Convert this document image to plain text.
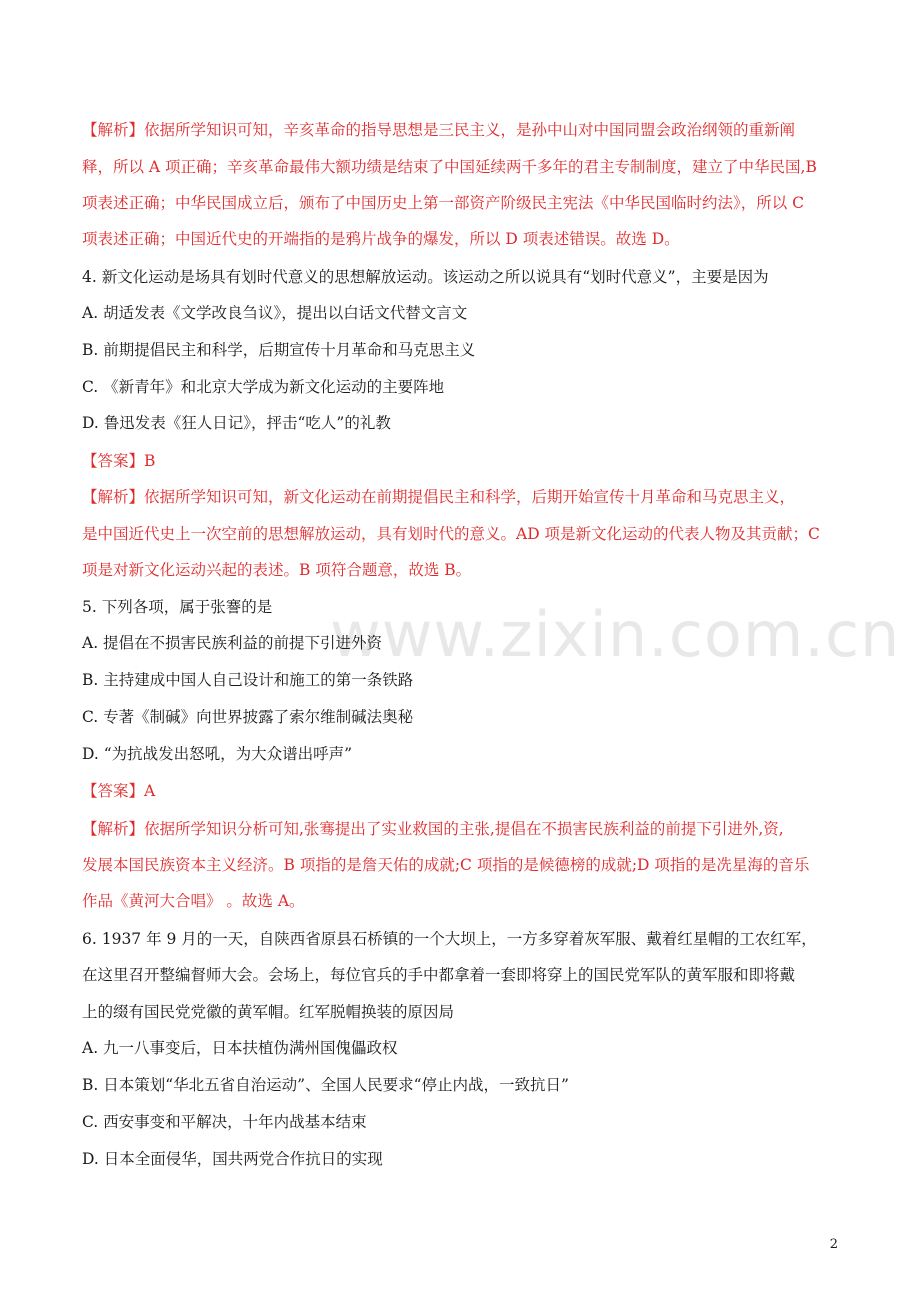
www.zixin.com.cn
【解析】依据所学知识可知，辛亥革命的指导思想是三民主义，是孙中山对中国同盟会政治纲领的重新阐
释，所以 A 项正确；辛亥革命最伟大额功绩是结束了中国延续两千多年的君主专制制度，建立了中华民国,B
项表述正确；中华民国成立后，颁布了中国历史上第一部资产阶级民主宪法《中华民国临时约法》，所以 C
项表述正确；中国近代史的开端指的是鸦片战争的爆发，所以 D 项表述错误。故选 D。
4. 新文化运动是场具有划时代意义的思想解放运动。该运动之所以说具有“划时代意义”，主要是因为
A. 胡适发表《文学改良刍议》，提出以白话文代替文言文
B. 前期提倡民主和科学，后期宣传十月革命和马克思主义
C. 《新青年》和北京大学成为新文化运动的主要阵地
D. 鲁迅发表《狂人日记》，抨击“吃人”的礼教
【答案】B
【解析】依据所学知识可知，新文化运动在前期提倡民主和科学，后期开始宣传十月革命和马克思主义，
是中国近代史上一次空前的思想解放运动，具有划时代的意义。AD 项是新文化运动的代表人物及其贡献；C
项是对新文化运动兴起的表述。B 项符合题意，故选 B。
5. 下列各项，属于张謇的是
A. 提倡在不损害民族利益的前提下引进外资
B. 主持建成中国人自己设计和施工的第一条铁路
C. 专著《制碱》向世界披露了索尔维制碱法奥秘
D. “为抗战发出怒吼，为大众谱出呼声”
【答案】A
【解析】依据所学知识分析可知,张骞提出了实业救国的主张,提倡在不损害民族利益的前提下引进外,资,
发展本国民族资本主义经济。B 项指的是詹天佑的成就;C 项指的是候德榜的成就;D 项指的是冼星海的音乐
作品《黄河大合唱》 。故选 A。
6. 1937 年 9 月的一天，自陕西省原县石桥镇的一个大坝上，一方多穿着灰军服、戴着红星帽的工农红军，
在这里召开整编督师大会。会场上，每位官兵的手中都拿着一套即将穿上的国民党军队的黄军服和即将戴
上的缀有国民党党徽的黄军帽。红军脱帽换装的原因局
A. 九一八事变后，日本扶植伪满州国傀儡政权
B. 日本策划“华北五省自治运动”、全国人民要求“停止内战，一致抗日”
C. 西安事变和平解决，十年内战基本结束
D. 日本全面侵华，国共两党合作抗日的实现
2
